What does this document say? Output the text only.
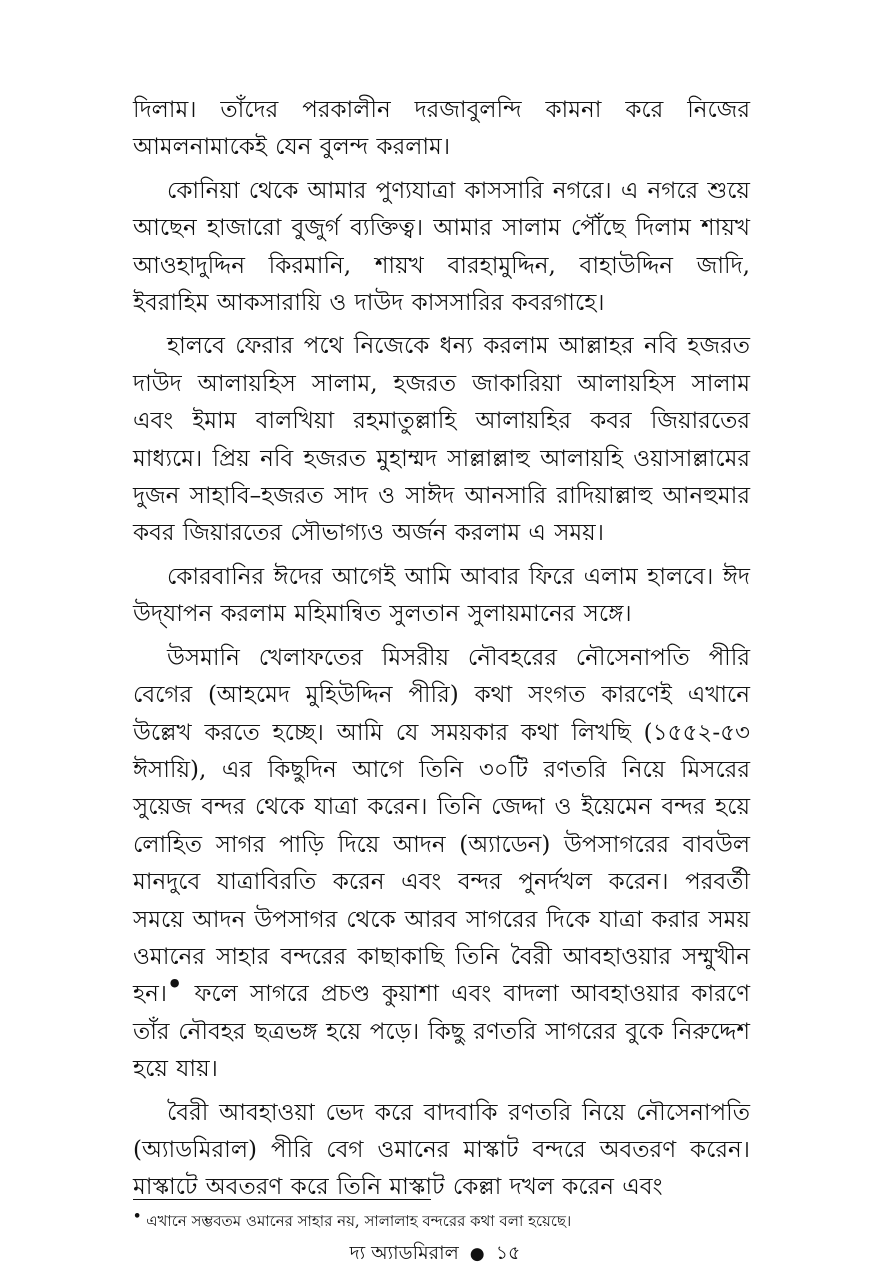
দিলাম। তাঁদের পরকালীন দরজাবুলন্দি কামনা করে নিজের আমলনামাকেই যেন বুলন্দ করলাম।

কোনিয়া থেকে আমার পুণ্যযাত্রা কাসসারি নগরে। এ নগরে শুয়ে আছেন হাজারো বুজুর্গ ব্যক্তিত্ব। আমার সালাম পৌঁছে দিলাম শায়খ আওহাদুদ্দিন কিরমানি, শায়খ বারহামুদ্দিন, বাহাউদ্দিন জাদি, ইবরাহিম আকসারায়ি ও দাউদ কাসসারির কবরগাহে।

হালবে ফেরার পথে নিজেকে ধন্য করলাম আল্লাহর নবি হজরত দাউদ আলায়হিস সালাম, হজরত জাকারিয়া আলায়হিস সালাম এবং ইমাম বালখিয়া রহমাতুল্লাহি আলায়হির কবর জিয়ারতের মাধ্যমে। প্রিয় নবি হজরত মুহাম্মদ সাল্লাল্লাহু আলায়হি ওয়াসাল্লামের দুজন সাহাবি–হজরত সাদ ও সাঈদ আনসারি রাদিয়াল্লাহু আনহুমার কবর জিয়ারতের সৌভাগ্যও অর্জন করলাম এ সময়।

কোরবানির ঈদের আগেই আমি আবার ফিরে এলাম হালবে। ঈদ উদ্‌যাপন করলাম মহিমান্বিত সুলতান সুলায়মানের সঙ্গে।

উসমানি খেলাফতের মিসরীয় নৌবহরের নৌসেনাপতি পীরি বেগের (আহমেদ মুহিউদ্দিন পীরি) কথা সংগত কারণেই এখানে উল্লেখ করতে হচ্ছে। আমি যে সময়কার কথা লিখছি (১৫৫২-৫৩ ঈসায়ি), এর কিছুদিন আগে তিনি ৩০টি রণতরি নিয়ে মিসরের সুয়েজ বন্দর থেকে যাত্রা করেন। তিনি জেদ্দা ও ইয়েমেন বন্দর হয়ে লোহিত সাগর পাড়ি দিয়ে আদন (অ্যাডেন) উপসাগরের বাবউল মানদুবে যাত্রাবিরতি করেন এবং বন্দর পুনর্দখল করেন। পরবর্তী সময়ে আদন উপসাগর থেকে আরব সাগরের দিকে যাত্রা করার সময় ওমানের সাহার বন্দরের কাছাকাছি তিনি বৈরী আবহাওয়ার সম্মুখীন হন।• ফলে সাগরে প্রচণ্ড কুয়াশা এবং বাদলা আবহাওয়ার কারণে তাঁর নৌবহর ছত্রভঙ্গ হয়ে পড়ে। কিছু রণতরি সাগরের বুকে নিরুদ্দেশ হয়ে যায়।

বৈরী আবহাওয়া ভেদ করে বাদবাকি রণতরি নিয়ে নৌসেনাপতি (অ্যাডমিরাল) পীরি বেগ ওমানের মাস্কাট বন্দরে অবতরণ করেন। মাস্কাটে অবতরণ করে তিনি মাস্কাট কেল্লা দখল করেন এবং

• এখানে সম্ভবতম ওমানের সাহার নয়, সালালাহ বন্দরের কথা বলা হয়েছে।
দ্য অ্যাডমিরাল ● ১৫
